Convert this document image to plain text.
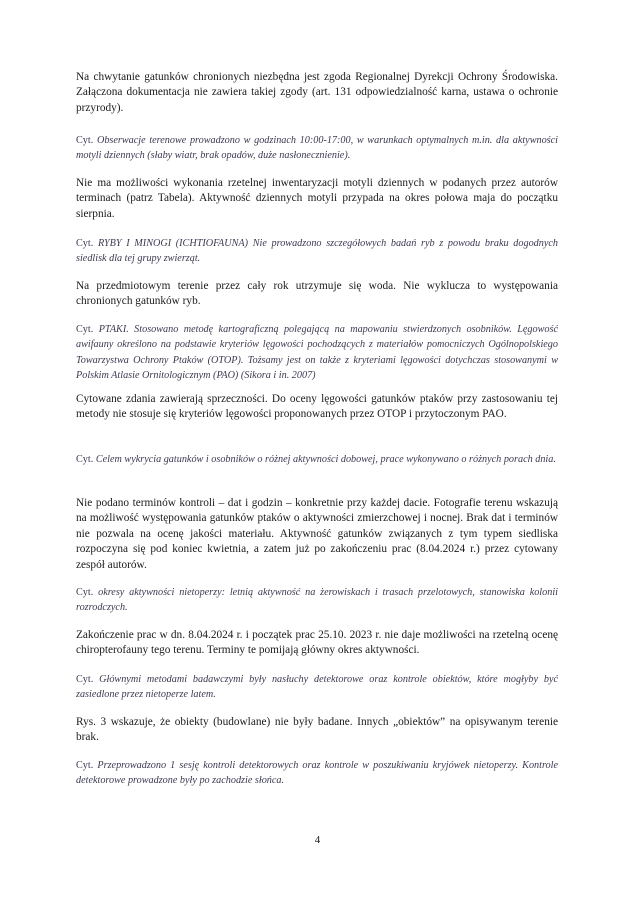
Na chwytanie gatunków chronionych niezbędna jest zgoda Regionalnej Dyrekcji Ochrony Środowiska. Załączona dokumentacja nie zawiera takiej zgody (art. 131 odpowiedzialność karna, ustawa o ochronie przyrody).

Cyt. Obserwacje terenowe prowadzono w godzinach 10:00-17:00, w warunkach optymalnych m.in. dla aktywności motyli dziennych (słaby wiatr, brak opadów, duże nasłonecznienie).

Nie ma możliwości wykonania rzetelnej inwentaryzacji motyli dziennych w podanych przez autorów terminach (patrz Tabela). Aktywność dziennych motyli przypada na okres połowa maja do początku sierpnia.

Cyt. RYBY I MINOGI (ICHTIOFAUNA) Nie prowadzono szczegółowych badań ryb z powodu braku dogodnych siedlisk dla tej grupy zwierząt.

Na przedmiotowym terenie przez cały rok utrzymuje się woda. Nie wyklucza to występowania chronionych gatunków ryb.

Cyt. PTAKI. Stosowano metodę kartograficzną polegającą na mapowaniu stwierdzonych osobników. Lęgowość awifauny określono na podstawie kryteriów lęgowości pochodzących z materiałów pomocniczych Ogólnopolskiego Towarzystwa Ochrony Ptaków (OTOP). Tożsamy jest on także z kryteriami lęgowości dotychczas stosowanymi w Polskim Atlasie Ornitologicznym (PAO) (Sikora i in. 2007)

Cytowane zdania zawierają sprzeczności. Do oceny lęgowości gatunków ptaków przy zastosowaniu tej metody nie stosuje się kryteriów lęgowości proponowanych przez OTOP i przytoczonym PAO.

Cyt. Celem wykrycia gatunków i osobników o różnej aktywności dobowej, prace wykonywano o różnych porach dnia.

Nie podano terminów kontroli – dat i godzin – konkretnie przy każdej dacie. Fotografie terenu wskazują na możliwość występowania gatunków ptaków o aktywności zmierzchowej i nocnej. Brak dat i terminów nie pozwala na ocenę jakości materiału. Aktywność gatunków związanych z tym typem siedliska rozpoczyna się pod koniec kwietnia, a zatem już po zakończeniu prac (8.04.2024 r.) przez cytowany zespół autorów.

Cyt. okresy aktywności nietoperzy: letnią aktywność na żerowiskach i trasach przelotowych, stanowiska kolonii rozrodczych.

Zakończenie prac w dn. 8.04.2024 r. i początek prac 25.10. 2023 r. nie daje możliwości na rzetelną ocenę chiropterofauny tego terenu. Terminy te pomijają główny okres aktywności.

Cyt. Głównymi metodami badawczymi były nasłuchy detektorowe oraz kontrole obiektów, które mogłyby być zasiedlone przez nietoperze latem.

Rys. 3 wskazuje, że obiekty (budowlane) nie były badane. Innych „obiektów” na opisywanym terenie brak.

Cyt. Przeprowadzono 1 sesję kontroli detektorowych oraz kontrole w poszukiwaniu kryjówek nietoperzy. Kontrole detektorowe prowadzone były po zachodzie słońca.

4
